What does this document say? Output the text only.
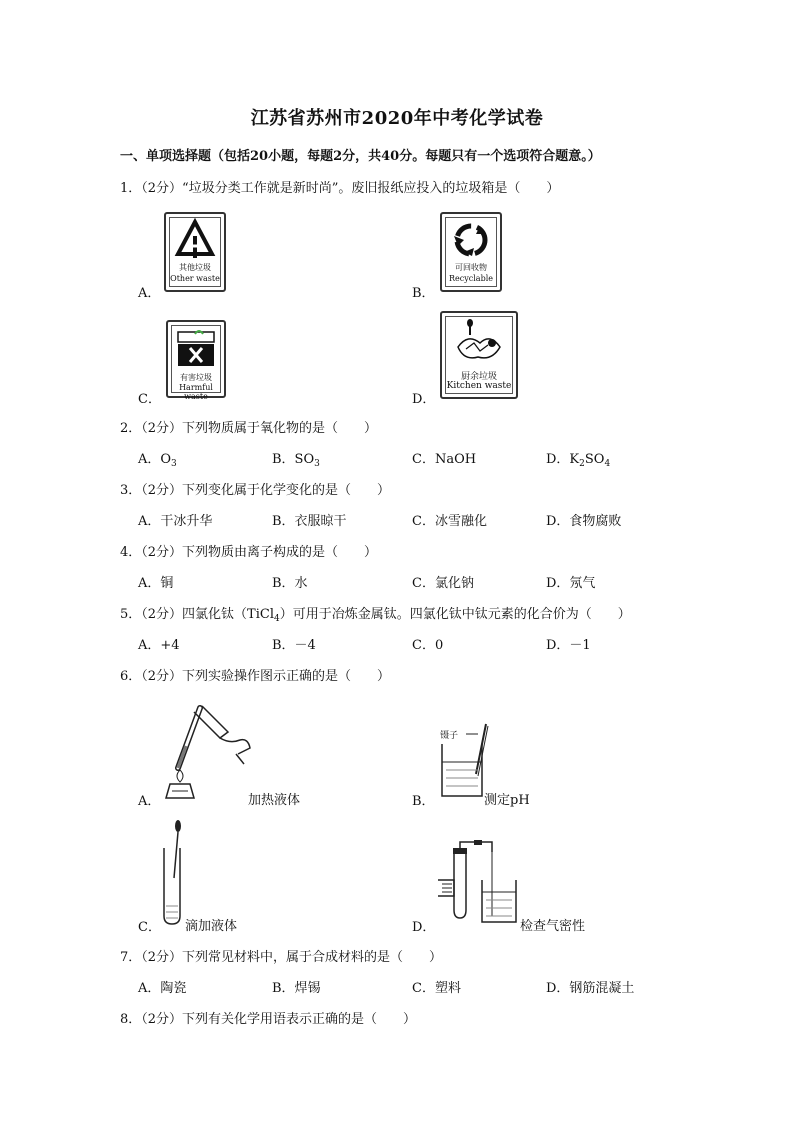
江苏省苏州市2020年中考化学试卷
一、单项选择题（包括20小题，每题2分，共40分。每题只有一个选项符合题意。）
1．（2分）“垃圾分类工作就是新时尚”。废旧报纸应投入的垃圾箱是（　　）
A．
其他垃圾
Other waste
B．
可回收物
Recyclable
C．
有害垃圾
Harmful waste	D．
厨余垃圾
Kitchen waste
2．（2分）下列物质属于氧化物的是（　　）
A．$O_3$	B．$SO_3$	C．NaOH	D．$K_2SO_4$
3．（2分）下列变化属于化学变化的是（　　）
A．干冰升华	B．衣服晾干	C．冰雪融化	D．食物腐败
4．（2分）下列物质由离子构成的是（　　）
A．铜	B．水	C．氯化钠	D．氖气
5．（2分）四氯化钛（TiCl$_4$）可用于冶炼金属钛。四氯化钛中钛元素的化合价为（　　）
A．+4	B．－4	C．0	D．－1
6．（2分）下列实验操作图示正确的是（　　）
A．	加热液体	B．
镊子
测定pH
C． 滴加液体	D．	检查气密性
7．（2分）下列常见材料中，属于合成材料的是（　　）
A．陶瓷	B．焊锡	C．塑料	D．钢筋混凝土
8．（2分）下列有关化学用语表示正确的是（　　）
